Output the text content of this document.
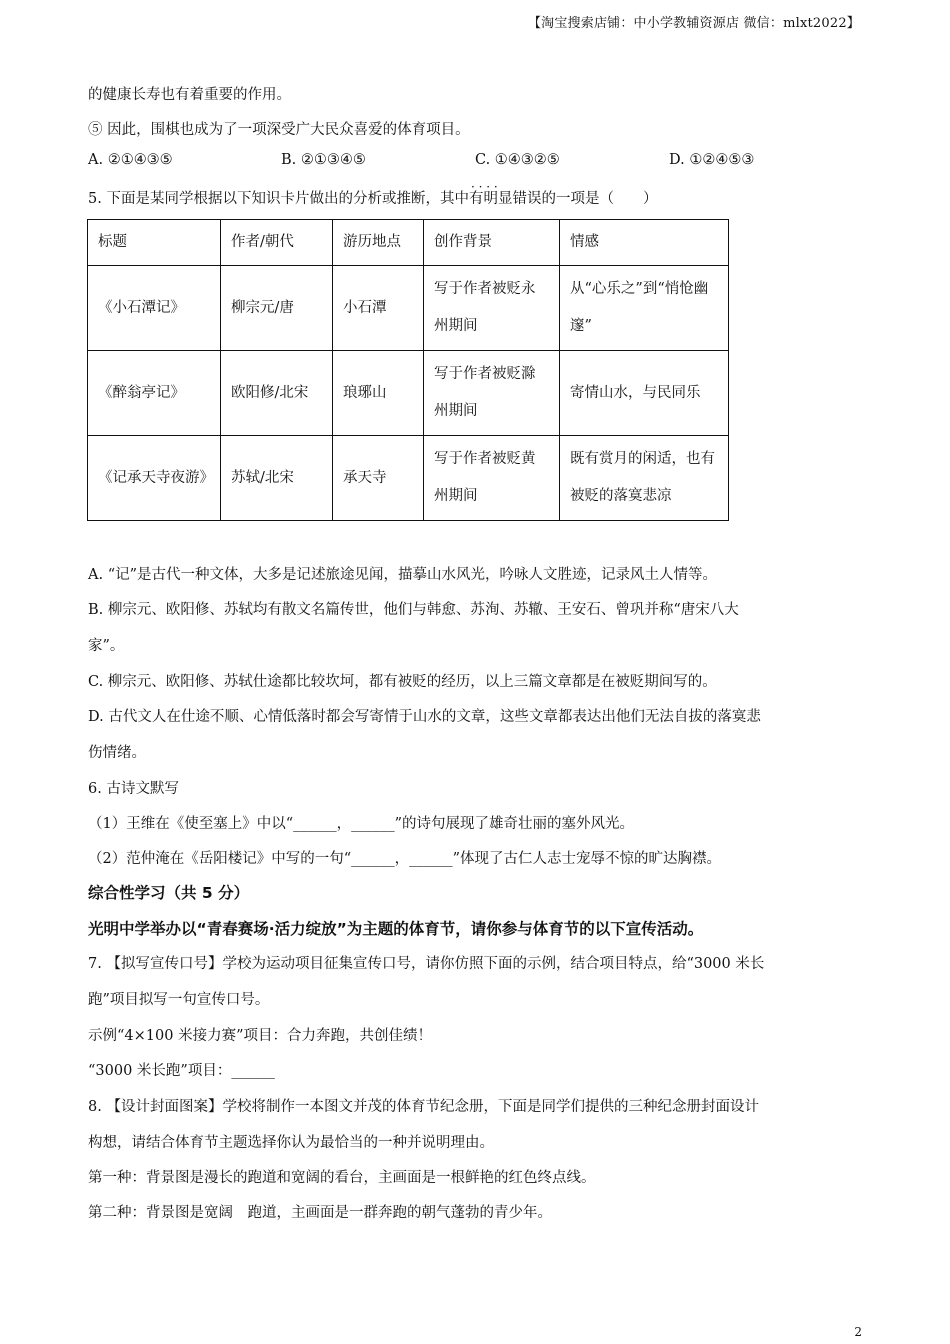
【淘宝搜索店铺：中小学教辅资源店 微信：mlxt2022】
的健康长寿也有着重要的作用。
⑤ 因此，围棋也成为了一项深受广大民众喜爱的体育项目。
A. ②①④③⑤	B. ②①③④⑤	C. ①④③②⑤	D. ①②④⑤③
5. 下面是某同学根据以下知识卡片做出的分析或推断，其中· · 有明显错误的一项是（　　）
标题	作者/朝代	游历地点	创作背景	情感
《小石潭记》	柳宗元/唐	小石潭	写于作者被贬永州期间	从“心乐之”到“悄怆幽邃”
《醉翁亭记》	欧阳修/北宋	琅琊山	写于作者被贬滁州期间	寄情山水，与民同乐
《记承天寺夜游》	苏轼/北宋	承天寺	写于作者被贬黄州期间	既有赏月的闲适，也有被贬的落寞悲凉
A. “记”是古代一种文体，大多是记述旅途见闻，描摹山水风光，吟咏人文胜迹，记录风土人情等。
B. 柳宗元、欧阳修、苏轼均有散文名篇传世，他们与韩愈、苏洵、苏辙、王安石、曾巩并称“唐宋八大
家”。
C. 柳宗元、欧阳修、苏轼仕途都比较坎坷，都有被贬的经历，以上三篇文章都是在被贬期间写的。
D. 古代文人在仕途不顺、心情低落时都会写寄情于山水的文章，这些文章都表达出他们无法自拔的落寞悲
伤情绪。
6. 古诗文默写
（1）王维在《使至塞上》中以“______，______”的诗句展现了雄奇壮丽的塞外风光。
（2）范仲淹在《岳阳楼记》中写的一句“______，______”体现了古仁人志士宠辱不惊的旷达胸襟。
综合性学习（共 5 分）
光明中学举办以“青春赛场·活力绽放”为主题的体育节，请你参与体育节的以下宣传活动。
7. 【拟写宣传口号】学校为运动项目征集宣传口号，请你仿照下面的示例，结合项目特点，给“3000 米长
跑”项目拟写一句宣传口号。
示例“4×100 米接力赛”项目：合力奔跑，共创佳绩！
“3000 米长跑”项目：______
8. 【设计封面图案】学校将制作一本图文并茂的体育节纪念册，下面是同学们提供的三种纪念册封面设计
构想，请结合体育节主题选择你认为最恰当的一种并说明理由。
第一种：背景图是漫长的跑道和宽阔的看台，主画面是一根鲜艳的红色终点线。
第二种：背景图是宽阔　跑道，主画面是一群奔跑的朝气蓬勃的青少年。
2
